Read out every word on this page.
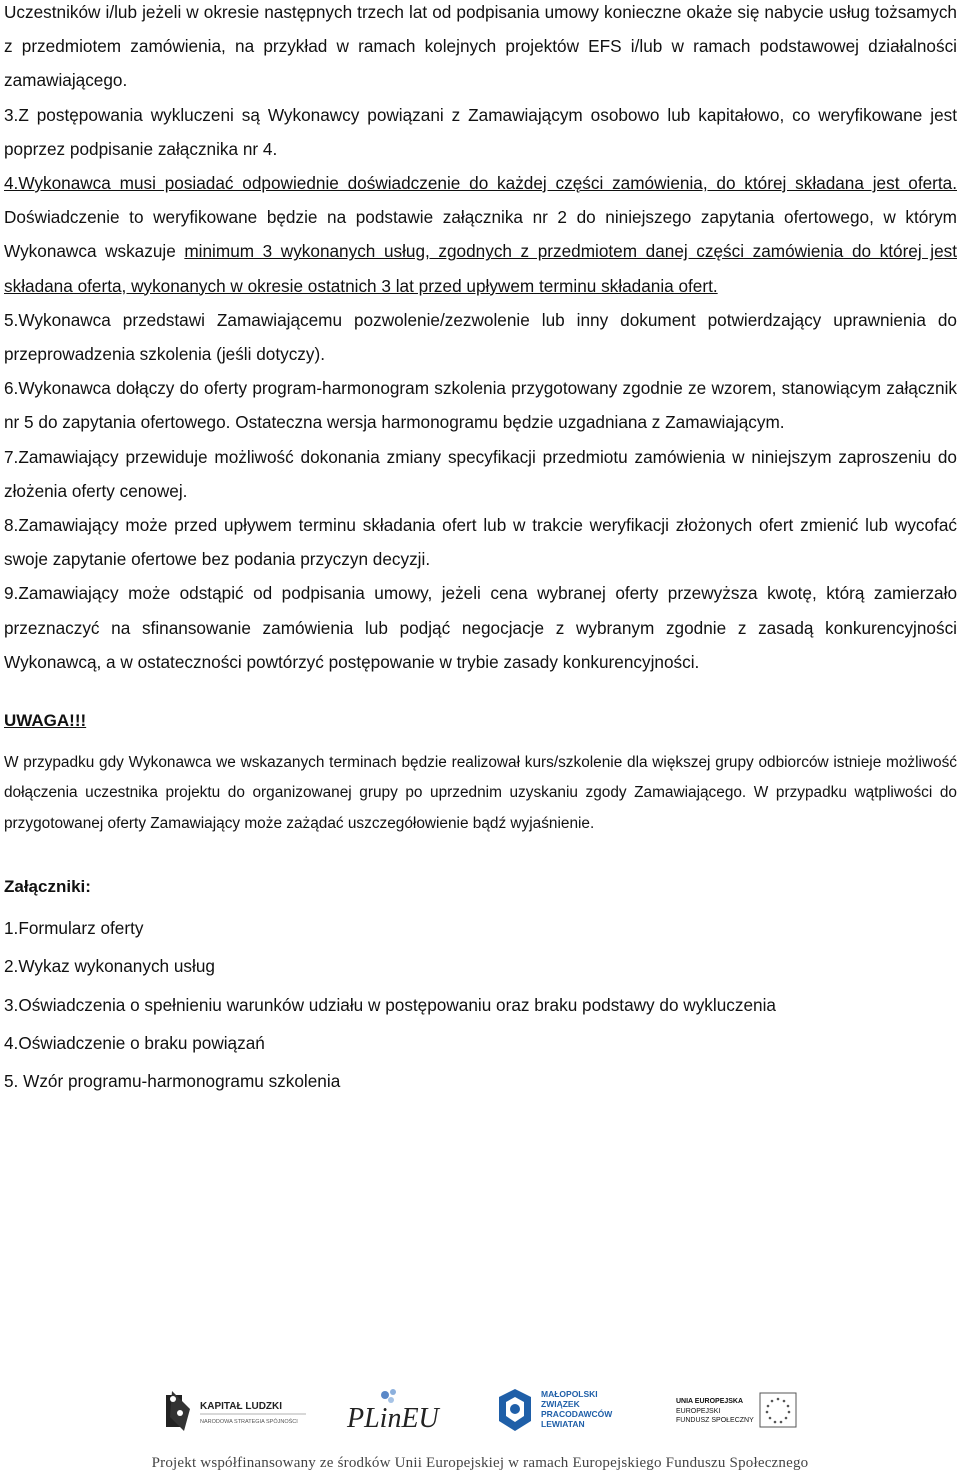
Uczestników i/lub jeżeli w okresie następnych trzech lat od podpisania umowy konieczne okaże się nabycie usług tożsamych z przedmiotem zamówienia, na przykład w ramach kolejnych projektów EFS i/lub w ramach podstawowej działalności zamawiającego.

3.Z postępowania wykluczeni są Wykonawcy powiązani z Zamawiającym osobowo lub kapitałowo, co weryfikowane jest poprzez podpisanie załącznika nr 4.

4.Wykonawca musi posiadać odpowiednie doświadczenie do każdej części zamówienia, do której składana jest oferta. Doświadczenie to weryfikowane będzie na podstawie załącznika nr 2 do niniejszego zapytania ofertowego, w którym Wykonawca wskazuje minimum 3 wykonanych usług, zgodnych z przedmiotem danej części zamówienia do której jest składana oferta, wykonanych w okresie ostatnich 3 lat przed upływem terminu składania ofert.

5.Wykonawca przedstawi Zamawiającemu pozwolenie/zezwolenie lub inny dokument potwierdzający uprawnienia do przeprowadzenia szkolenia (jeśli dotyczy).

6.Wykonawca dołączy do oferty program-harmonogram szkolenia przygotowany zgodnie ze wzorem, stanowiącym załącznik nr 5 do zapytania ofertowego. Ostateczna wersja harmonogramu będzie uzgadniana z Zamawiającym.

7.Zamawiający przewiduje możliwość dokonania zmiany specyfikacji przedmiotu zamówienia w niniejszym zaproszeniu do złożenia oferty cenowej.

8.Zamawiający może przed upływem terminu składania ofert lub w trakcie weryfikacji złożonych ofert zmienić lub wycofać swoje zapytanie ofertowe bez podania przyczyn decyzji.

9.Zamawiający może odstąpić od podpisania umowy, jeżeli cena wybranej oferty przewyższa kwotę, którą zamierzało przeznaczyć na sfinansowanie zamówienia lub podjąć negocjacje z wybranym zgodnie z zasadą konkurencyjności Wykonawcą, a w ostateczności powtórzyć postępowanie w trybie zasady konkurencyjności.

UWAGA!!!

W przypadku gdy Wykonawca we wskazanych terminach będzie realizował kurs/szkolenie dla większej grupy odbiorców istnieje możliwość dołączenia uczestnika projektu do organizowanej grupy po uprzednim uzyskaniu zgody Zamawiającego. W przypadku wątpliwości do przygotowanej oferty Zamawiający może zażądać uszczegółowienie bądź wyjaśnienie.

Załączniki:

1.Formularz oferty
2.Wykaz wykonanych usług
3.Oświadczenia o spełnieniu warunków udziału w postępowaniu oraz braku podstawy do wykluczenia
4.Oświadczenie o braku powiązań
5. Wzór programu-harmonogramu szkolenia
KAPITAŁ LUDZKI
NARODOWA STRATEGIA SPÓJNOŚCI PLinEU
MAŁOPOLSKI
ZWIĄZEK
PRACODAWCÓW
LEWIATAN
UNIA EUROPEJSKA
EUROPEJSKI
FUNDUSZ SPOŁECZNY
Projekt współfinansowany ze środków Unii Europejskiej w ramach Europejskiego Funduszu Społecznego
